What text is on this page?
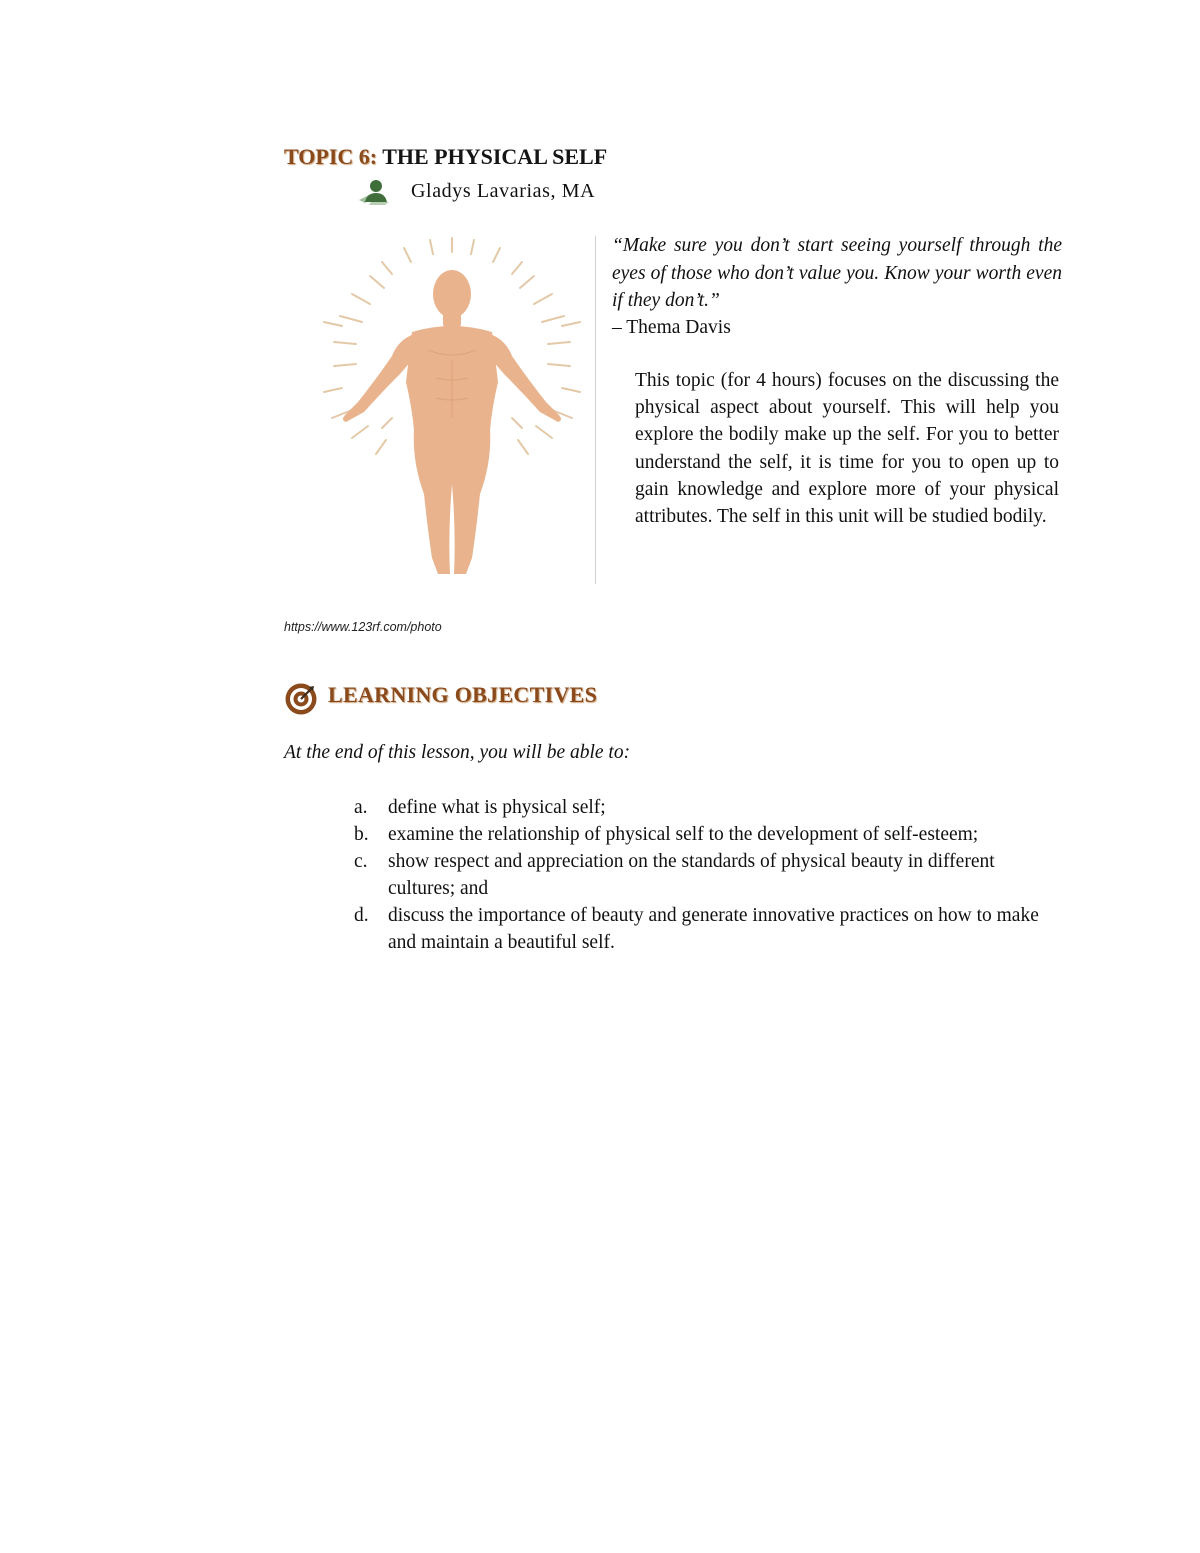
TOPIC 6: THE PHYSICAL SELF
Gladys Lavarias, MA
“Make sure you don’t start seeing yourself through the eyes of those who don’t value you. Know your worth even if they don’t.”
– Thema Davis
This topic (for 4 hours) focuses on the discussing the physical aspect about yourself. This will help you explore the bodily make up the self. For you to better understand the self, it is time for you to open up to gain knowledge and explore more of your physical attributes. The self in this unit will be studied bodily.
https://www.123rf.com/photo
LEARNING OBJECTIVES
At the end of this lesson, you will be able to:
a. define what is physical self;
b. examine the relationship of physical self to the development of self-esteem;
c. show respect and appreciation on the standards of physical beauty in different cultures; and
d. discuss the importance of beauty and generate innovative practices on how to make and maintain a beautiful self.
